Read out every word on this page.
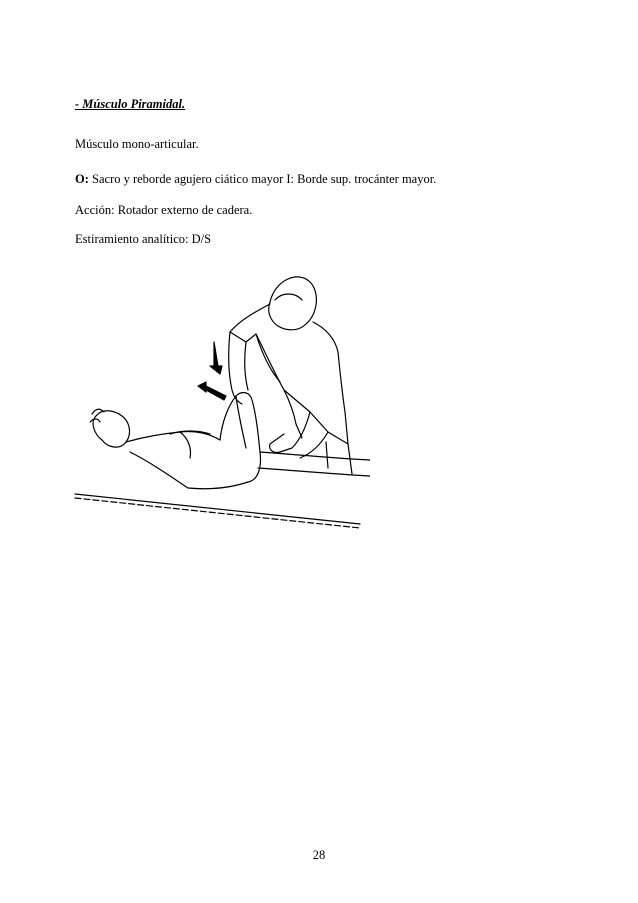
- Músculo Piramidal.
Músculo mono-articular.
O: Sacro y reborde agujero ciático mayor I: Borde sup. trocánter mayor.
Acción: Rotador externo de cadera.
Estiramiento analítico: D/S
28
